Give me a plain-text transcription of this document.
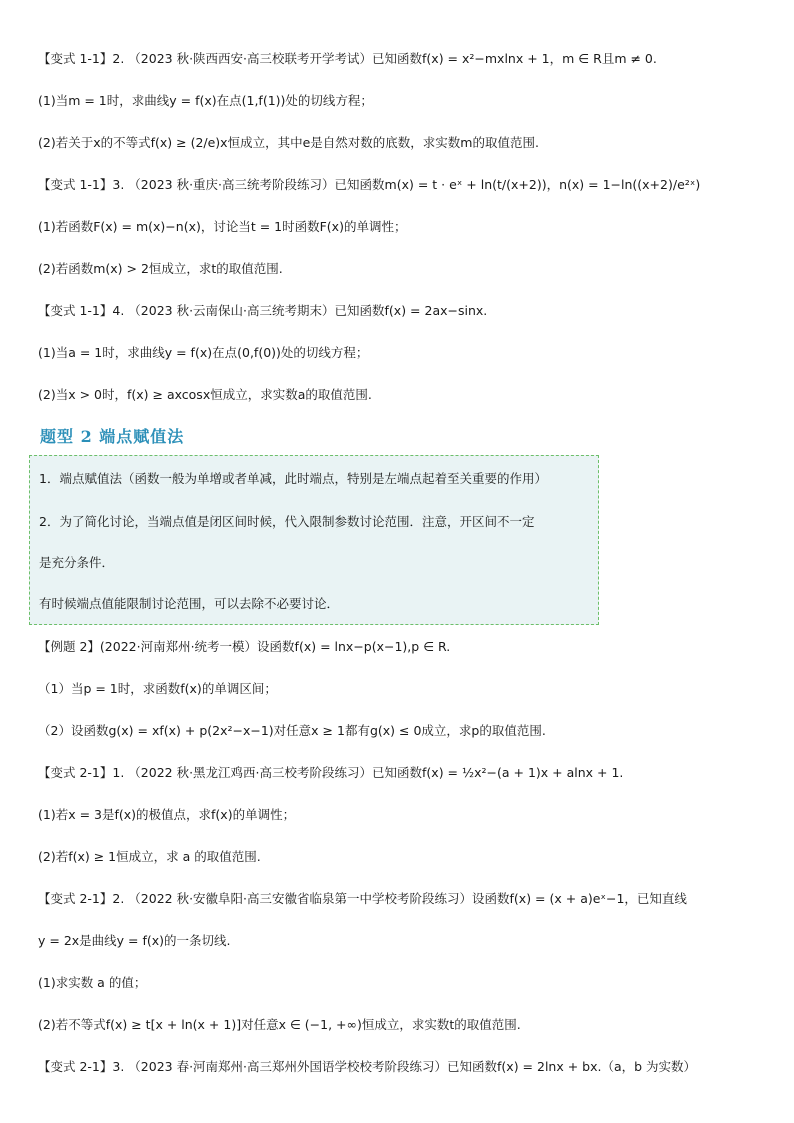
【变式 1-1】2. （2023 秋·陕西西安·高三校联考开学考试）已知函数f(x) = x²−mxlnx + 1，m ∈ R且m ≠ 0.
(1)当m = 1时，求曲线y = f(x)在点(1,f(1))处的切线方程；
(2)若关于x的不等式f(x) ≥ (2/e)x恒成立，其中e是自然对数的底数，求实数m的取值范围.
【变式 1-1】3. （2023 秋·重庆·高三统考阶段练习）已知函数m(x) = t · eˣ + ln(t/(x+2))，n(x) = 1−ln((x+2)/e²ˣ)
(1)若函数F(x) = m(x)−n(x)，讨论当t = 1时函数F(x)的单调性；
(2)若函数m(x) > 2恒成立，求t的取值范围.
【变式 1-1】4. （2023 秋·云南保山·高三统考期末）已知函数f(x) = 2ax−sinx.
(1)当a = 1时，求曲线y = f(x)在点(0,f(0))处的切线方程；
(2)当x > 0时，f(x) ≥ axcosx恒成立，求实数a的取值范围.
题型 2 端点赋值法
1．端点赋值法（函数一般为单增或者单减，此时端点，特别是左端点起着至关重要的作用）
2．为了简化讨论，当端点值是闭区间时候，代入限制参数讨论范围．注意，开区间不一定
是充分条件．
有时候端点值能限制讨论范围，可以去除不必要讨论．
【例题 2】(2022·河南郑州·统考一模）设函数f(x) = lnx−p(x−1),p ∈ R.
（1）当p = 1时，求函数f(x)的单调区间；
（2）设函数g(x) = xf(x) + p(2x²−x−1)对任意x ≥ 1都有g(x) ≤ 0成立，求p的取值范围.
【变式 2-1】1. （2022 秋·黑龙江鸡西·高三校考阶段练习）已知函数f(x) = ½x²−(a + 1)x + alnx + 1.
(1)若x = 3是f(x)的极值点，求f(x)的单调性；
(2)若f(x) ≥ 1恒成立，求 a 的取值范围.
【变式 2-1】2. （2022 秋·安徽阜阳·高三安徽省临泉第一中学校考阶段练习）设函数f(x) = (x + a)eˣ−1，已知直线
y = 2x是曲线y = f(x)的一条切线.
(1)求实数 a 的值；
(2)若不等式f(x) ≥ t[x + ln(x + 1)]对任意x ∈ (−1, +∞)恒成立，求实数t的取值范围.
【变式 2-1】3. （2023 春·河南郑州·高三郑州外国语学校校考阶段练习）已知函数f(x) = 2lnx + bx.（a，b 为实数）
